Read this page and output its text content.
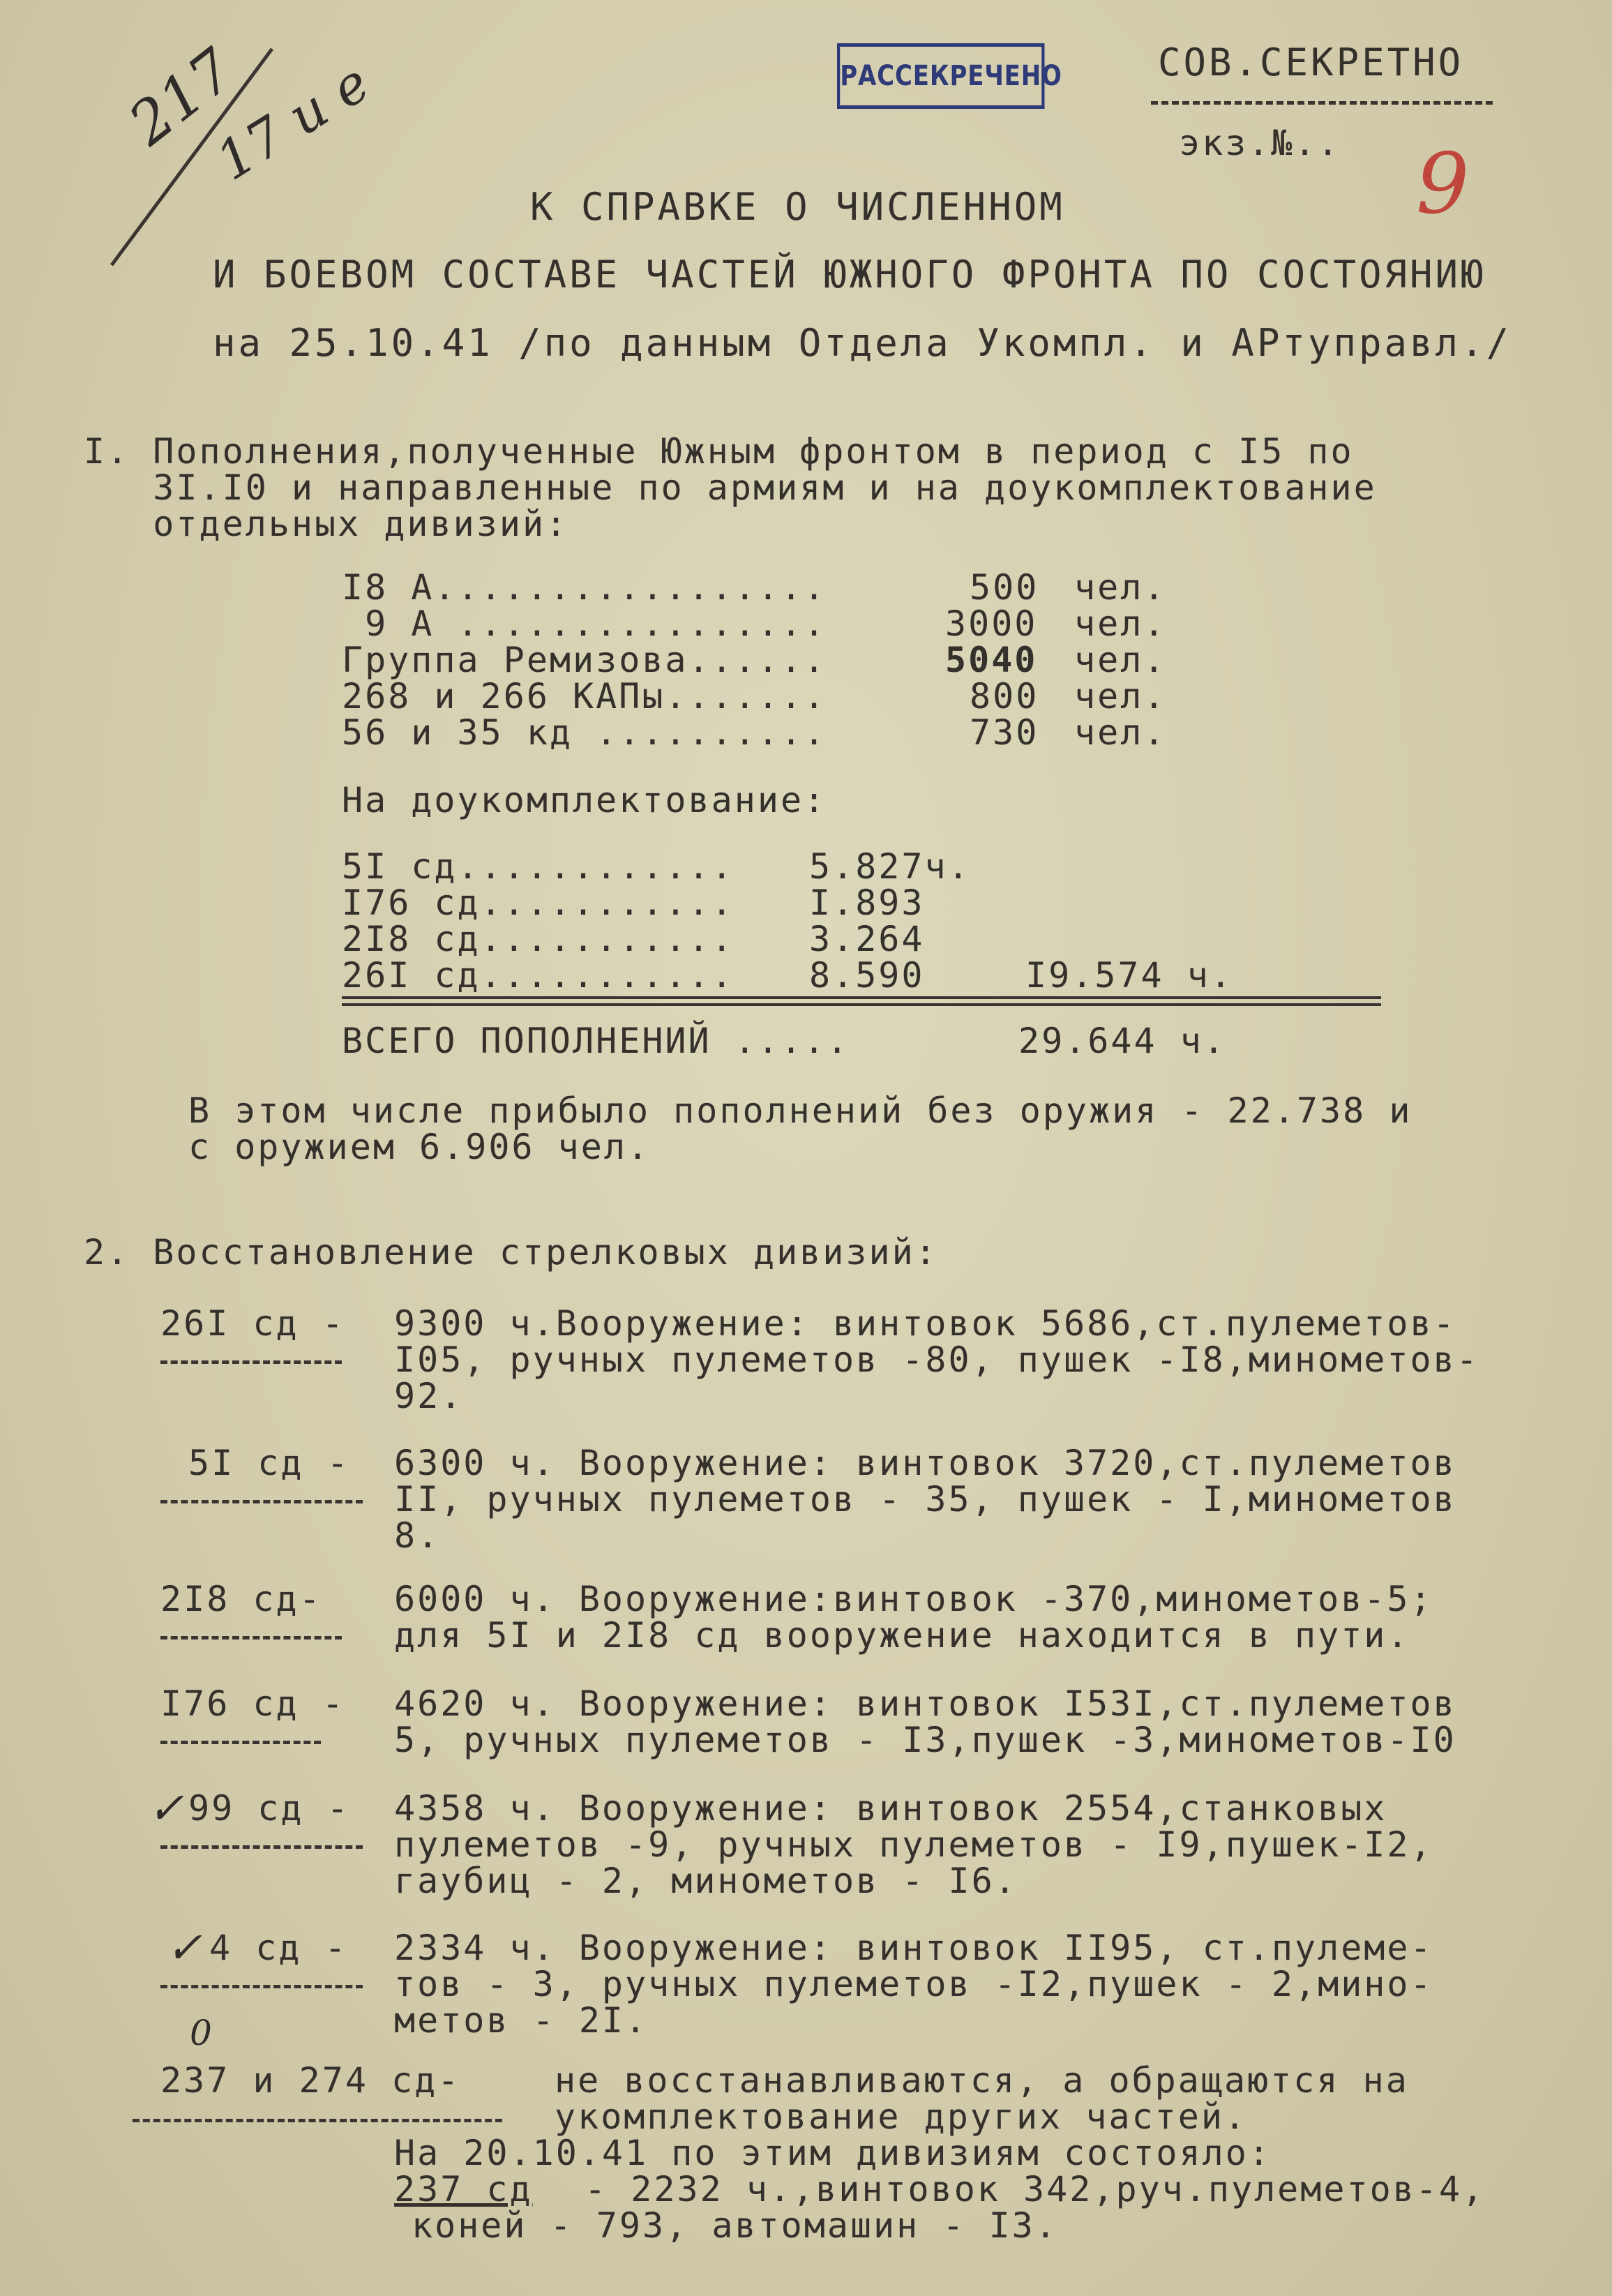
217
17 и е	9
РАССЕКРЕЧЕНО	СОВ.СЕКРЕТНО
экз.№..
К СПРАВКЕ О ЧИСЛЕННОМ
И БОЕВОМ СОСТАВЕ ЧАСТЕЙ ЮЖНОГО ФРОНТА ПО СОСТОЯНИЮ
на 25.10.41 /по данным Отдела Укомпл. и АРтуправл./
I. Пополнения,полученные Южным фронтом в период с I5 по
3I.I0 и направленные по армиям и на доукомплектование
отдельных дивизий:
I8 А.................	500 чел.
9 А ................	3000 чел.
Группа Ремизова......	5040 чел.
268 и 266 КАПы.......	800 чел.
56 и 35 кд ..........	730 чел.
На доукомплектование:
5I сд............ 5.827ч.
I76 сд........... I.893
2I8 сд........... 3.264
26I сд........... 8.590	I9.574 ч.
ВСЕГО ПОПОЛНЕНИЙ .....	29.644 ч.
В этом числе прибыло пополнений без оружия - 22.738 и
с оружием 6.906 чел.
2. Восстановление стрелковых дивизий:
26I сд - 9300 ч.Вооружение: винтовок 5686,ст.пулеметов-
I05, ручных пулеметов -80, пушек -I8,минометов-
92.
5I сд - 6300 ч. Вооружение: винтовок 3720,ст.пулеметов
II, ручных пулеметов - 35, пушек - I,минометов
8.
2I8 сд- 6000 ч. Вооружение:винтовок -370,минометов-5;
для 5I и 2I8 сд вооружение находится в пути.
I76 сд - 4620 ч. Вооружение: винтовок I53I,ст.пулеметов
5, ручных пулеметов - I3,пушек -3,минометов-I0
✓ 99 сд - 4358 ч. Вооружение: винтовок 2554,станковых
пулеметов -9, ручных пулеметов - I9,пушек-I2,
гаубиц - 2, минометов - I6.
✓ 4 сд - 2334 ч. Вооружение: винтовок II95, ст.пулеме-
тов - 3, ручных пулеметов -I2,пушек - 2,мино-
метов - 2I.
0
237 и 274 сд-	не восстанавливаются, а обращаются на
укомплектование других частей.
На 20.10.41 по этим дивизиям состояло:
237 сд - 2232 ч.,винтовок 342,руч.пулеметов-4,
коней - 793, автомашин - I3.
